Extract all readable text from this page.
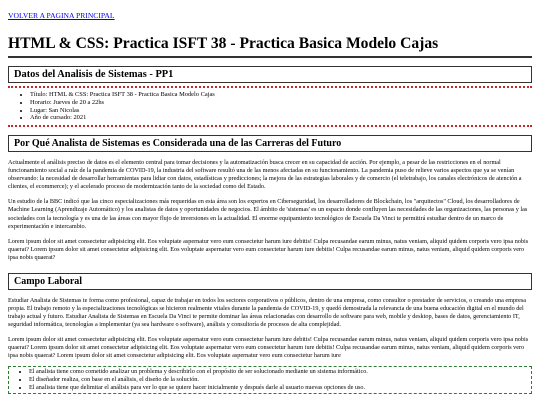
VOLVER A PAGINA PRINCIPAL
HTML & CSS: Practica ISFT 38 - Practica Basica Modelo Cajas
Datos del Analisis de Sistemas - PP1
• Título: HTML & CSS: Practica ISFT 38 - Practica Basica Modelo Cajas
• Horario: Jueves de 20 a 22hs
• Lugar: San Nicolas
• Año de cursado: 2021
Por Qué Analista de Sistemas es Considerada una de las Carreras del Futuro

Actualmente el análisis preciso de datos es el elemento central para tomar decisiones y la automatización busca crecer en su capacidad de acción. Por ejemplo, a pesar de las restricciones en el normal funcionamiento social a raíz de la pandemia de COVID-19, la industria del software resultó una de las menos afectadas en su funcionamiento. La pandemia puso de relieve varios aspectos que ya se venían observando: la necesidad de desarrollar herramientas para lidiar con datos, estadísticas y predicciones; la mejora de las estrategias laborales y de comercio (el teletrabajo, los canales electrónicos de atención a clientes, el ecommerce); y el acelerado proceso de modernización tanto de la sociedad como del Estado.

Un estudio de la BBC indicó que las cinco especializaciones más requeridas en esta área son los expertos en Ciberseguridad, los desarrolladores de Blockchain, los "arquitectos" Cloud, los desarrolladores de Machine Learning (Aprendizaje Automático) y los analistas de datos y oportunidades de negocios. El ámbito de 'sistemas' es un espacio donde confluyen las necesidades de las organizaciones, las personas y las sociedades con la tecnología y es una de las áreas con mayor flujo de inversiones en la actualidad. El enorme equipamiento tecnológico de Escuela Da Vinci te permitirá estudiar dentro de un marco de experimentación e intercambio.

Lorem ipsum dolor sit amet consectetur adipisicing elit. Eos voluptate aspernatur vero eum consectetur harum iure debitis! Culpa recusandae earum minus, natus veniam, aliquid quidem corporis vero ipsa nobis quaerat? Lorem ipsum dolor sit amet consectetur adipisicing elit. Eos voluptate aspernatur vero eum consectetur harum iure debitis! Culpa recusandae earum minus, natus veniam, aliquid quidem corporis vero ipsa nobis quaerat?

Campo Laboral

Estudiar Analista de Sistemas te forma como profesional, capaz de trabajar en todos los sectores corporativos o públicos, dentro de una empresa, como consultor o prestador de servicios, o creando una empresa propia. El trabajo remoto y la especializaciones tecnológicas se hicieron realmente vitales durante la pandemia de COVID-19, y quedó demostrada la relevancia de una buena educación digital en el mundo del trabajo actual y futuro. Estudiar Analista de Sistemas en Escuela Da Vinci te permite dominar las áreas relacionadas con desarrollo de software para web, mobile y desktop, bases de datos, gerenciamiento IT, seguridad informática, tecnologías a implementar (ya sea hardware o software), análisis y consultoría de procesos de alta complejidad.

Lorem ipsum dolor sit amet consectetur adipisicing elit. Eos voluptate aspernatur vero eum consectetur harum iure debitis! Culpa recusandae earum minus, natus veniam, aliquid quidem corporis vero ipsa nobis quaerat? Lorem ipsum dolor sit amet consectetur adipisicing elit. Eos voluptate aspernatur vero eum consectetur harum iure debitis! Culpa recusandae earum minus, natus veniam, aliquid quidem corporis vero ipsa nobis quaerat? Lorem ipsum dolor sit amet consectetur adipisicing elit. Eos voluptate aspernatur vero eum consectetur harum iure

• El analista tiene como cometido analizar un problema y describirlo con el propósito de ser solucionado mediante un sistema informático.
• El diseñador realiza, con base en el análisis, el diseño de la solución.
• El analista tiene que delimitar el análisis para ver lo que se quiere hacer inicialmente y después darle al usuario nuevas opciones de uso.
